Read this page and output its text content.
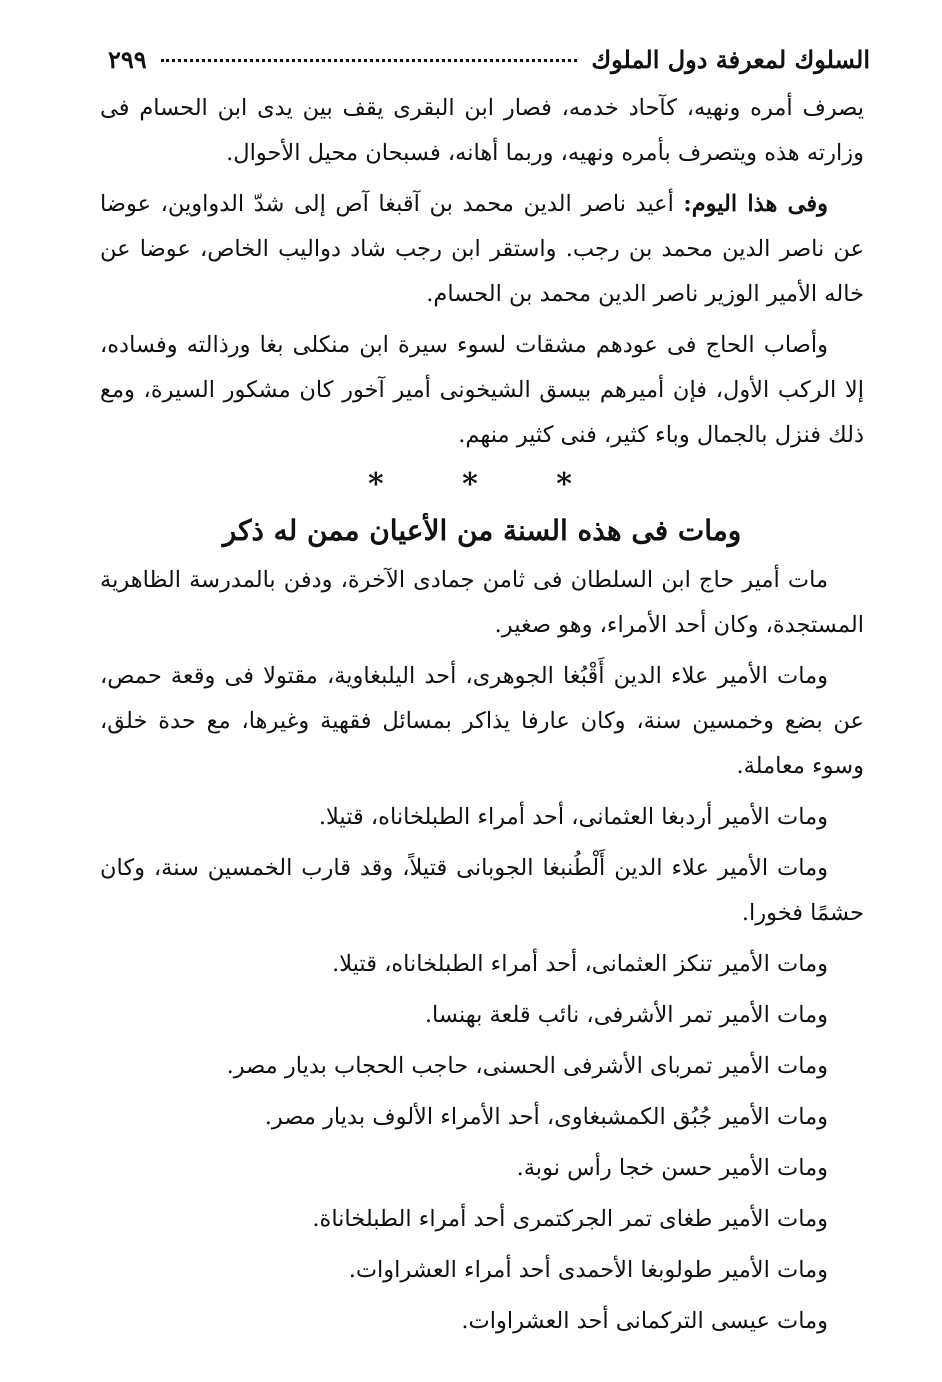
السلوك لمعرفة دول الملوك
٢٩٩

يصرف أمره ونهيه، كآحاد خدمه، فصار ابن البقرى يقف بين يدى ابن الحسام فى وزارته هذه ويتصرف بأمره ونهيه، وربما أهانه، فسبحان محيل الأحوال.

وفى هذا اليوم: أعيد ناصر الدين محمد بن آقبغا آص إلى شدّ الدواوين، عوضا عن ناصر الدين محمد بن رجب. واستقر ابن رجب شاد دواليب الخاص، عوضا عن خاله الأمير الوزير ناصر الدين محمد بن الحسام.

وأصاب الحاج فى عودهم مشقات لسوء سيرة ابن منكلى بغا ورذالته وفساده، إلا الركب الأول، فإن أميرهم بيسق الشيخونى أمير آخور كان مشكور السيرة، ومع ذلك فنزل بالجمال وباء كثير، فنى كثير منهم.

* * *
ومات فى هذه السنة من الأعيان ممن له ذكر

مات أمير حاج ابن السلطان فى ثامن جمادى الآخرة، ودفن بالمدرسة الظاهرية المستجدة، وكان أحد الأمراء، وهو صغير.

ومات الأمير علاء الدين أَقْبُغا الجوهرى، أحد اليلبغاوية، مقتولا فى وقعة حمص، عن بضع وخمسين سنة، وكان عارفا يذاكر بمسائل فقهية وغيرها، مع حدة خلق، وسوء معاملة.

ومات الأمير أردبغا العثمانى، أحد أمراء الطبلخاناه، قتيلا.

ومات الأمير علاء الدين أَلْطُنبغا الجوبانى قتيلاً، وقد قارب الخمسين سنة، وكان حشمًا فخورا.

ومات الأمير تنكز العثمانى، أحد أمراء الطبلخاناه، قتيلا.

ومات الأمير تمر الأشرفى، نائب قلعة بهنسا.

ومات الأمير تمرباى الأشرفى الحسنى، حاجب الحجاب بديار مصر.

ومات الأمير جُبُق الكمشبغاوى، أحد الأمراء الألوف بديار مصر.

ومات الأمير حسن خجا رأس نوبة.

ومات الأمير طغاى تمر الجركتمرى أحد أمراء الطبلخاناة.

ومات الأمير طولوبغا الأحمدى أحد أمراء العشراوات.

ومات عيسى التركمانى أحد العشراوات.
